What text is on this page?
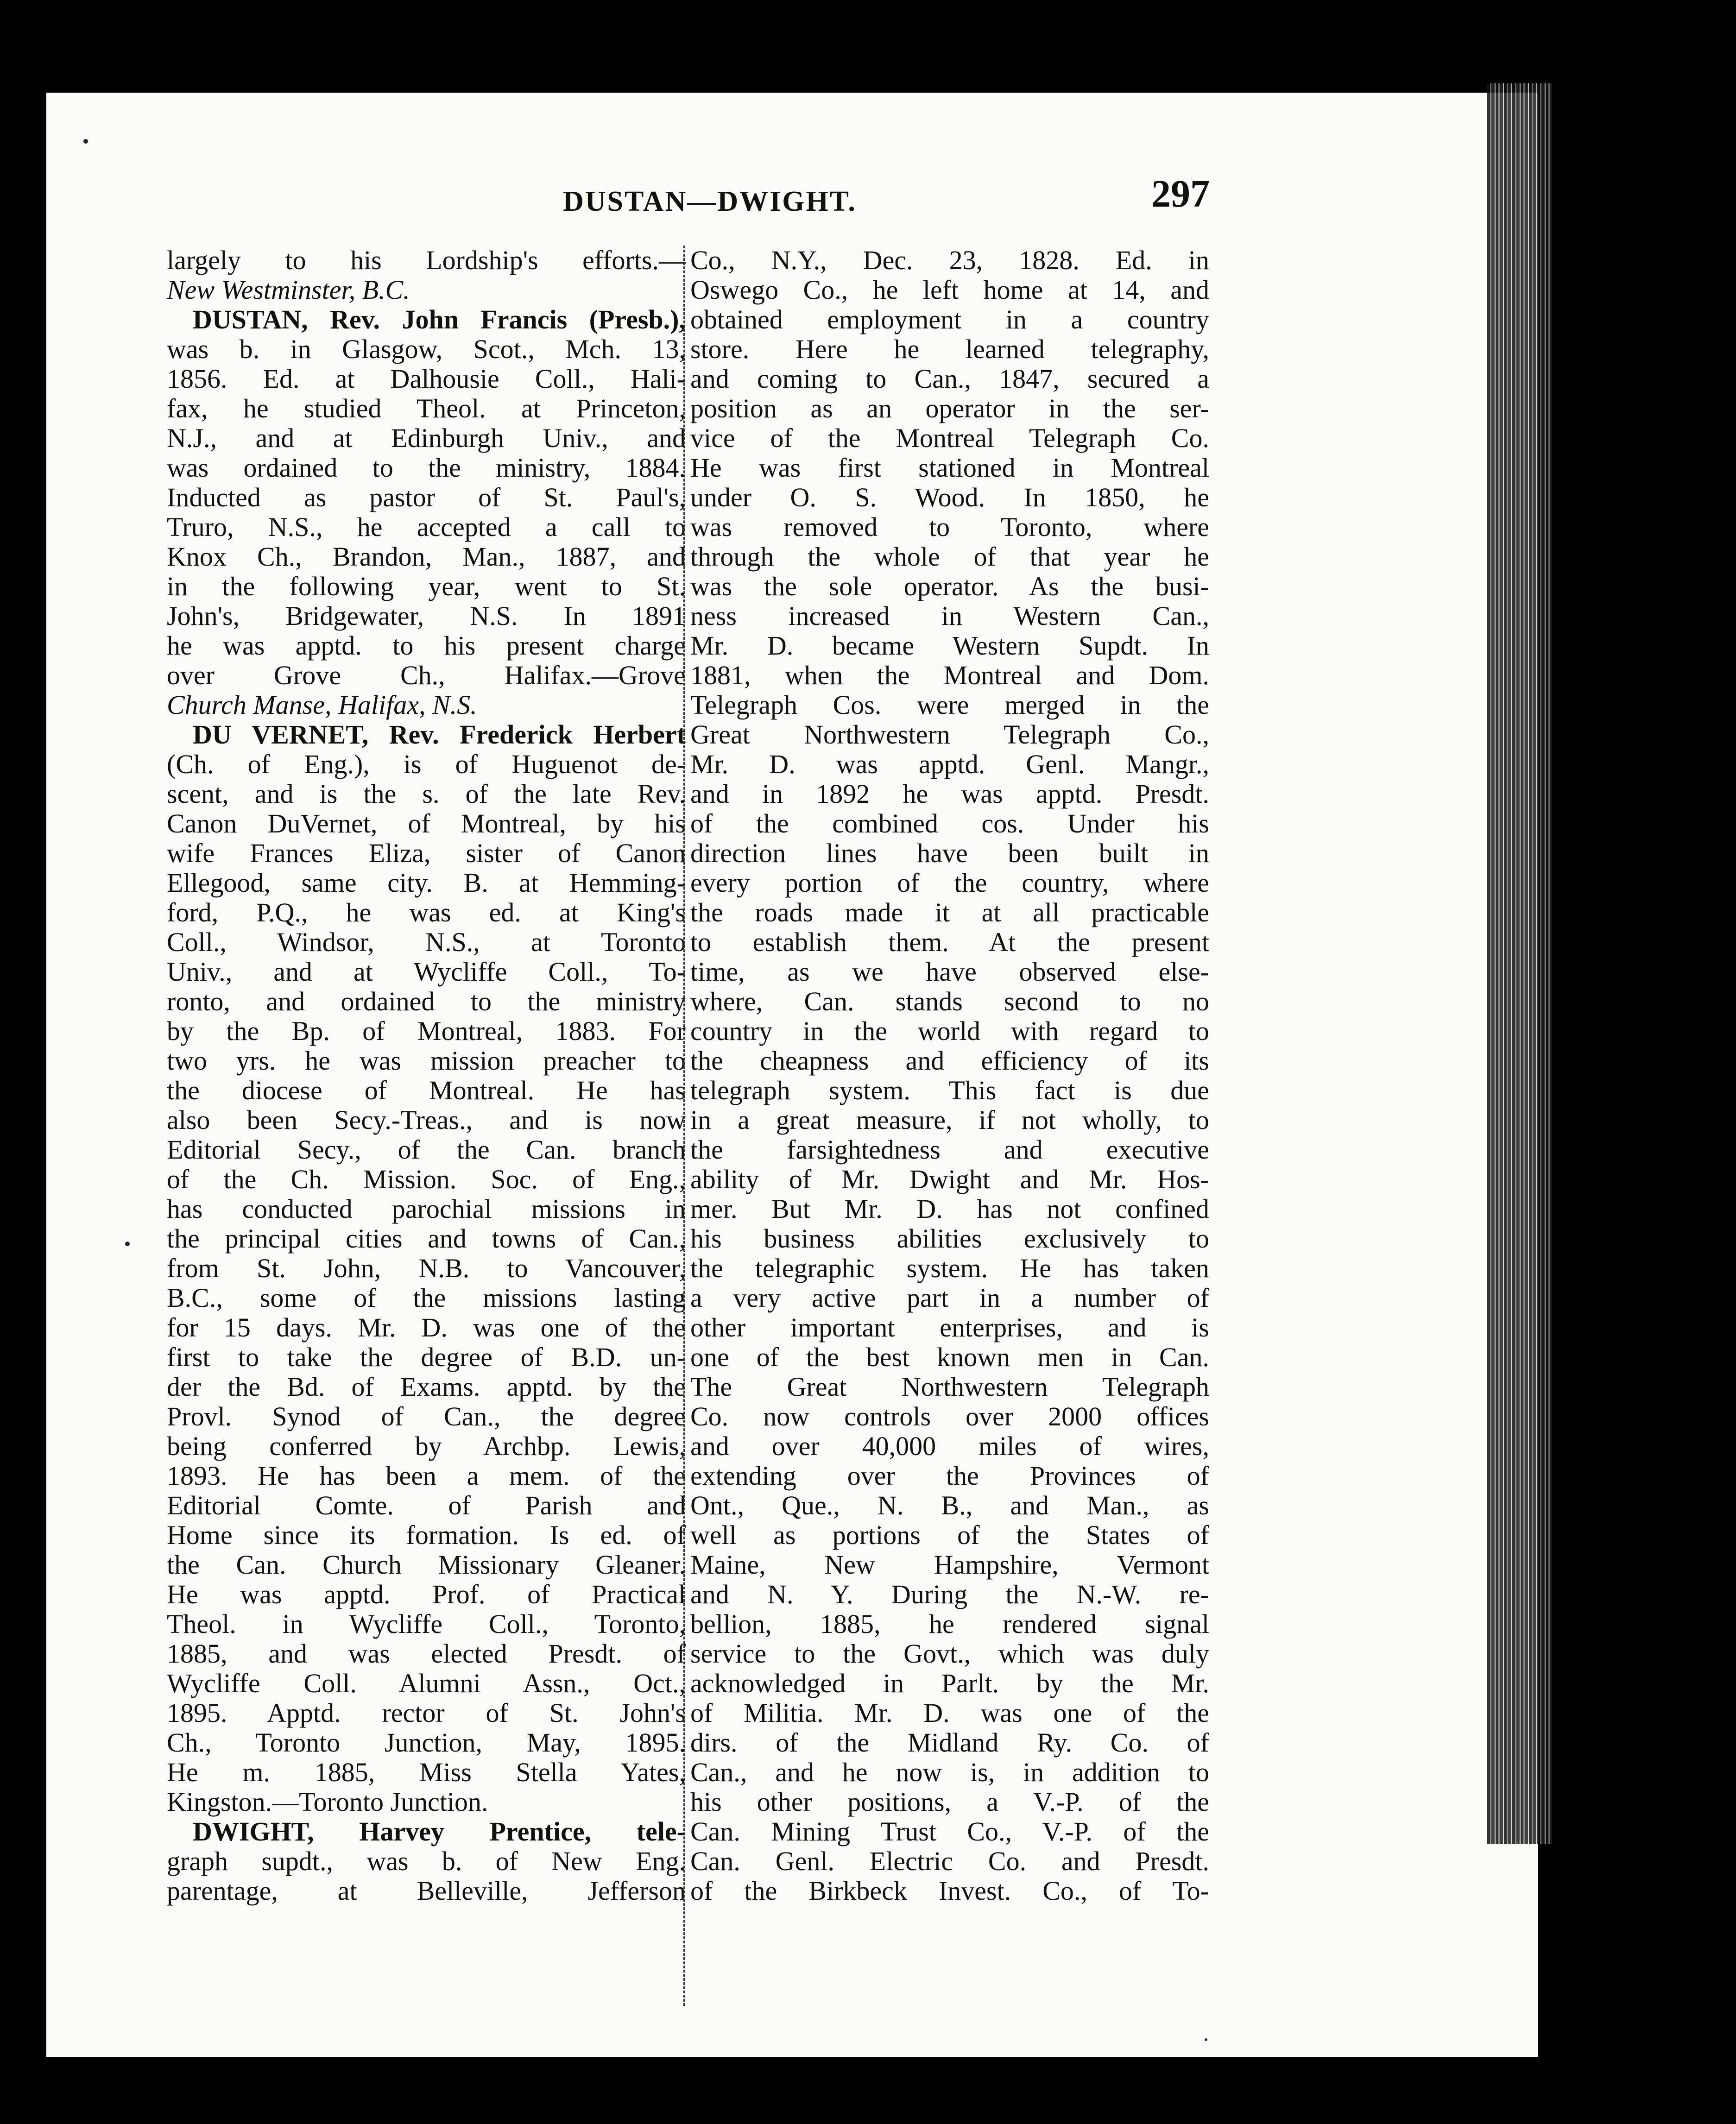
DUSTAN—DWIGHT.	297
largely to his Lordship's efforts.—
New Westminster, B.C.
DUSTAN, Rev. John Francis (Presb.),
was b. in Glasgow, Scot., Mch. 13,
1856. Ed. at Dalhousie Coll., Hali-
fax, he studied Theol. at Princeton,
N.J., and at Edinburgh Univ., and
was ordained to the ministry, 1884.
Inducted as pastor of St. Paul's,
Truro, N.S., he accepted a call to
Knox Ch., Brandon, Man., 1887, and
in the following year, went to St.
John's, Bridgewater, N.S. In 1891
he was apptd. to his present charge
over Grove Ch., Halifax.—Grove
Church Manse, Halifax, N.S.
DU VERNET, Rev. Frederick Herbert
(Ch. of Eng.), is of Huguenot de-
scent, and is the s. of the late Rev.
Canon DuVernet, of Montreal, by his
wife Frances Eliza, sister of Canon
Ellegood, same city. B. at Hemming-
ford, P.Q., he was ed. at King's
Coll., Windsor, N.S., at Toronto
Univ., and at Wycliffe Coll., To-
ronto, and ordained to the ministry
by the Bp. of Montreal, 1883. For
two yrs. he was mission preacher to
the diocese of Montreal. He has
also been Secy.-Treas., and is now
Editorial Secy., of the Can. branch
of the Ch. Mission. Soc. of Eng.,
has conducted parochial missions in
the principal cities and towns of Can.,
from St. John, N.B. to Vancouver,
B.C., some of the missions lasting
for 15 days. Mr. D. was one of the
first to take the degree of B.D. un-
der the Bd. of Exams. apptd. by the
Provl. Synod of Can., the degree
being conferred by Archbp. Lewis,
1893. He has been a mem. of the
Editorial Comte. of Parish and
Home since its formation. Is ed. of
the Can. Church Missionary Gleaner.
He was apptd. Prof. of Practical
Theol. in Wycliffe Coll., Toronto,
1885, and was elected Presdt. of
Wycliffe Coll. Alumni Assn., Oct.,
1895. Apptd. rector of St. John's
Ch., Toronto Junction, May, 1895.
He m. 1885, Miss Stella Yates,
Kingston.—Toronto Junction.
DWIGHT, Harvey Prentice, tele-
graph supdt., was b. of New Eng.
parentage, at Belleville, Jefferson
Co., N.Y., Dec. 23, 1828. Ed. in
Oswego Co., he left home at 14, and
obtained employment in a country
store. Here he learned telegraphy,
and coming to Can., 1847, secured a
position as an operator in the ser-
vice of the Montreal Telegraph Co.
He was first stationed in Montreal
under O. S. Wood. In 1850, he
was removed to Toronto, where
through the whole of that year he
was the sole operator. As the busi-
ness increased in Western Can.,
Mr. D. became Western Supdt. In
1881, when the Montreal and Dom.
Telegraph Cos. were merged in the
Great Northwestern Telegraph Co.,
Mr. D. was apptd. Genl. Mangr.,
and in 1892 he was apptd. Presdt.
of the combined cos. Under his
direction lines have been built in
every portion of the country, where
the roads made it at all practicable
to establish them. At the present
time, as we have observed else-
where, Can. stands second to no
country in the world with regard to
the cheapness and efficiency of its
telegraph system. This fact is due
in a great measure, if not wholly, to
the farsightedness and executive
ability of Mr. Dwight and Mr. Hos-
mer. But Mr. D. has not confined
his business abilities exclusively to
the telegraphic system. He has taken
a very active part in a number of
other important enterprises, and is
one of the best known men in Can.
The Great Northwestern Telegraph
Co. now controls over 2000 offices
and over 40,000 miles of wires,
extending over the Provinces of
Ont., Que., N. B., and Man., as
well as portions of the States of
Maine, New Hampshire, Vermont
and N. Y. During the N.-W. re-
bellion, 1885, he rendered signal
service to the Govt., which was duly
acknowledged in Parlt. by the Mr.
of Militia. Mr. D. was one of the
dirs. of the Midland Ry. Co. of
Can., and he now is, in addition to
his other positions, a V.-P. of the
Can. Mining Trust Co., V.-P. of the
Can. Genl. Electric Co. and Presdt.
of the Birkbeck Invest. Co., of To-
